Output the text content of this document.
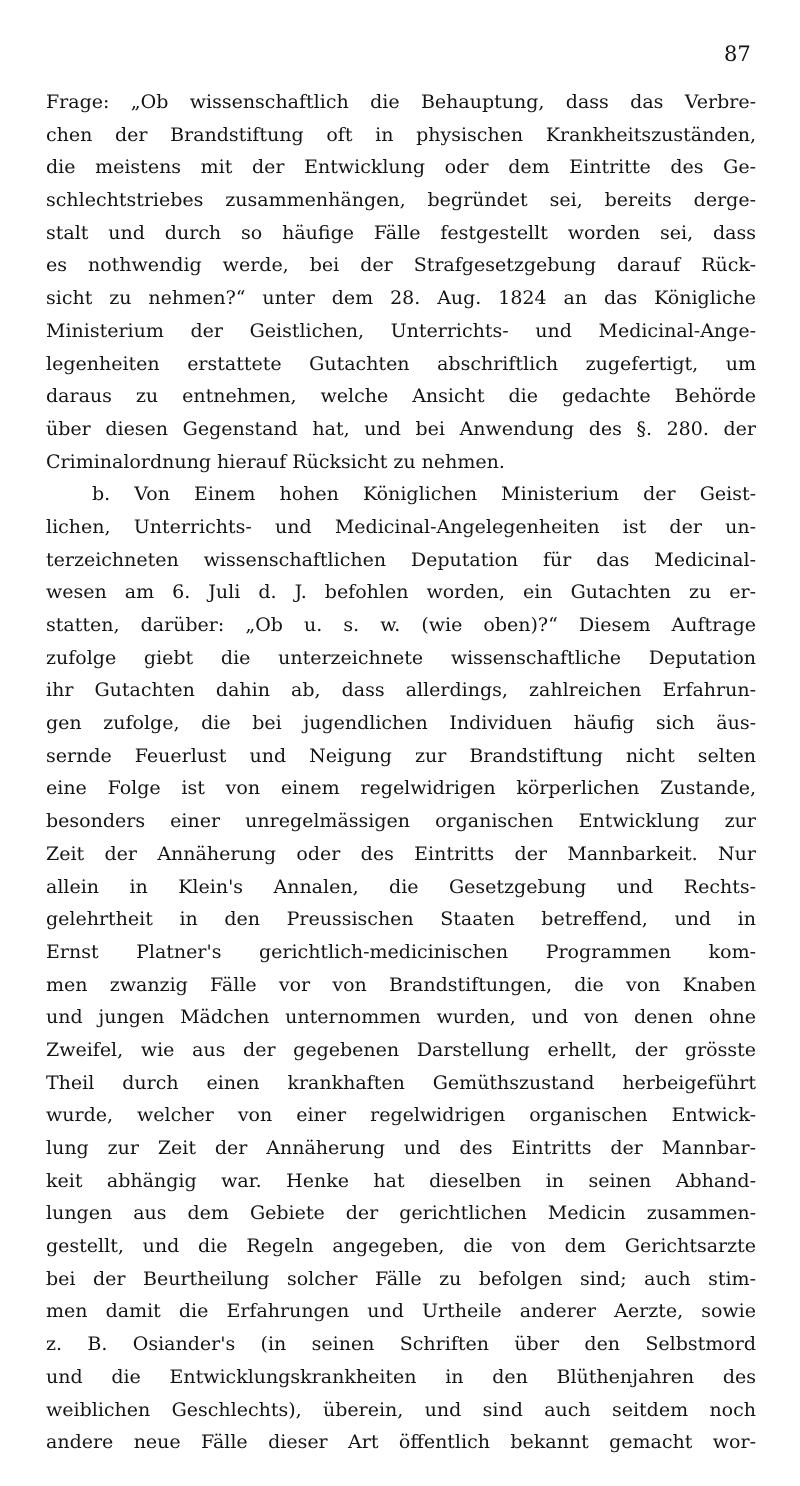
87
Frage: „Ob wissenschaftlich die Behauptung, dass das Verbre-
chen der Brandstiftung oft in physischen Krankheitszuständen,
die meistens mit der Entwicklung oder dem Eintritte des Ge-
schlechtstriebes zusammenhängen, begründet sei, bereits derge-
stalt und durch so häufige Fälle festgestellt worden sei, dass
es nothwendig werde, bei der Strafgesetzgebung darauf Rück-
sicht zu nehmen?“ unter dem 28. Aug. 1824 an das Königliche
Ministerium der Geistlichen, Unterrichts- und Medicinal-Ange-
legenheiten erstattete Gutachten abschriftlich zugefertigt, um
daraus zu entnehmen, welche Ansicht die gedachte Behörde
über diesen Gegenstand hat, und bei Anwendung des §. 280. der
Criminalordnung hierauf Rücksicht zu nehmen.
b. Von Einem hohen Königlichen Ministerium der Geist-
lichen, Unterrichts- und Medicinal-Angelegenheiten ist der un-
terzeichneten wissenschaftlichen Deputation für das Medicinal-
wesen am 6. Juli d. J. befohlen worden, ein Gutachten zu er-
statten, darüber: „Ob u. s. w. (wie oben)?“ Diesem Auftrage
zufolge giebt die unterzeichnete wissenschaftliche Deputation
ihr Gutachten dahin ab, dass allerdings, zahlreichen Erfahrun-
gen zufolge, die bei jugendlichen Individuen häufig sich äus-
sernde Feuerlust und Neigung zur Brandstiftung nicht selten
eine Folge ist von einem regelwidrigen körperlichen Zustande,
besonders einer unregelmässigen organischen Entwicklung zur
Zeit der Annäherung oder des Eintritts der Mannbarkeit. Nur
allein in Klein's Annalen, die Gesetzgebung und Rechts-
gelehrtheit in den Preussischen Staaten betreffend, und in
Ernst Platner's gerichtlich-medicinischen Programmen kom-
men zwanzig Fälle vor von Brandstiftungen, die von Knaben
und jungen Mädchen unternommen wurden, und von denen ohne
Zweifel, wie aus der gegebenen Darstellung erhellt, der grösste
Theil durch einen krankhaften Gemüthszustand herbeigeführt
wurde, welcher von einer regelwidrigen organischen Entwick-
lung zur Zeit der Annäherung und des Eintritts der Mannbar-
keit abhängig war. Henke hat dieselben in seinen Abhand-
lungen aus dem Gebiete der gerichtlichen Medicin zusammen-
gestellt, und die Regeln angegeben, die von dem Gerichtsarzte
bei der Beurtheilung solcher Fälle zu befolgen sind; auch stim-
men damit die Erfahrungen und Urtheile anderer Aerzte, sowie
z. B. Osiander's (in seinen Schriften über den Selbstmord
und die Entwicklungskrankheiten in den Blüthenjahren des
weiblichen Geschlechts), überein, und sind auch seitdem noch
andere neue Fälle dieser Art öffentlich bekannt gemacht wor-
